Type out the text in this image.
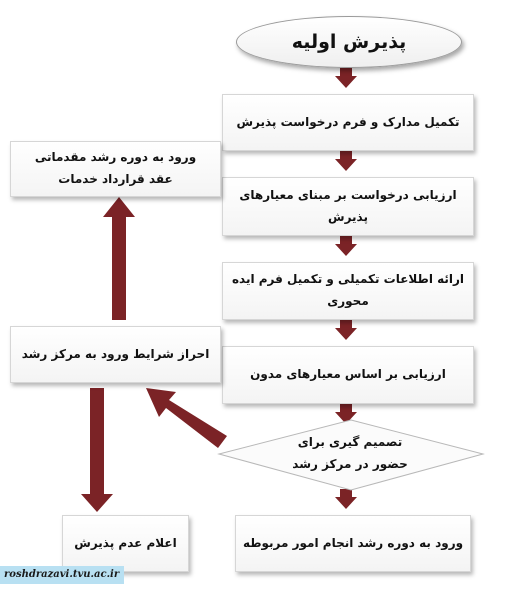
پذیرش اولیه
تکمیل مدارک و فرم درخواست پذیرش
ارزیابی درخواست بر مبنای معیارهای پذیرش
ارائه اطلاعات تکمیلی و تکمیل فرم ایده محوری
ارزیابی بر اساس معیارهای مدون
تصمیم گیری برای
حضور در مرکز رشد
ورود به دوره رشد انجام امور مربوطه
ورود به دوره رشد مقدماتی
عقد قرارداد خدمات
احراز شرایط ورود به مرکز رشد
اعلام عدم پذیرش
roshdrazavi.tvu.ac.ir
